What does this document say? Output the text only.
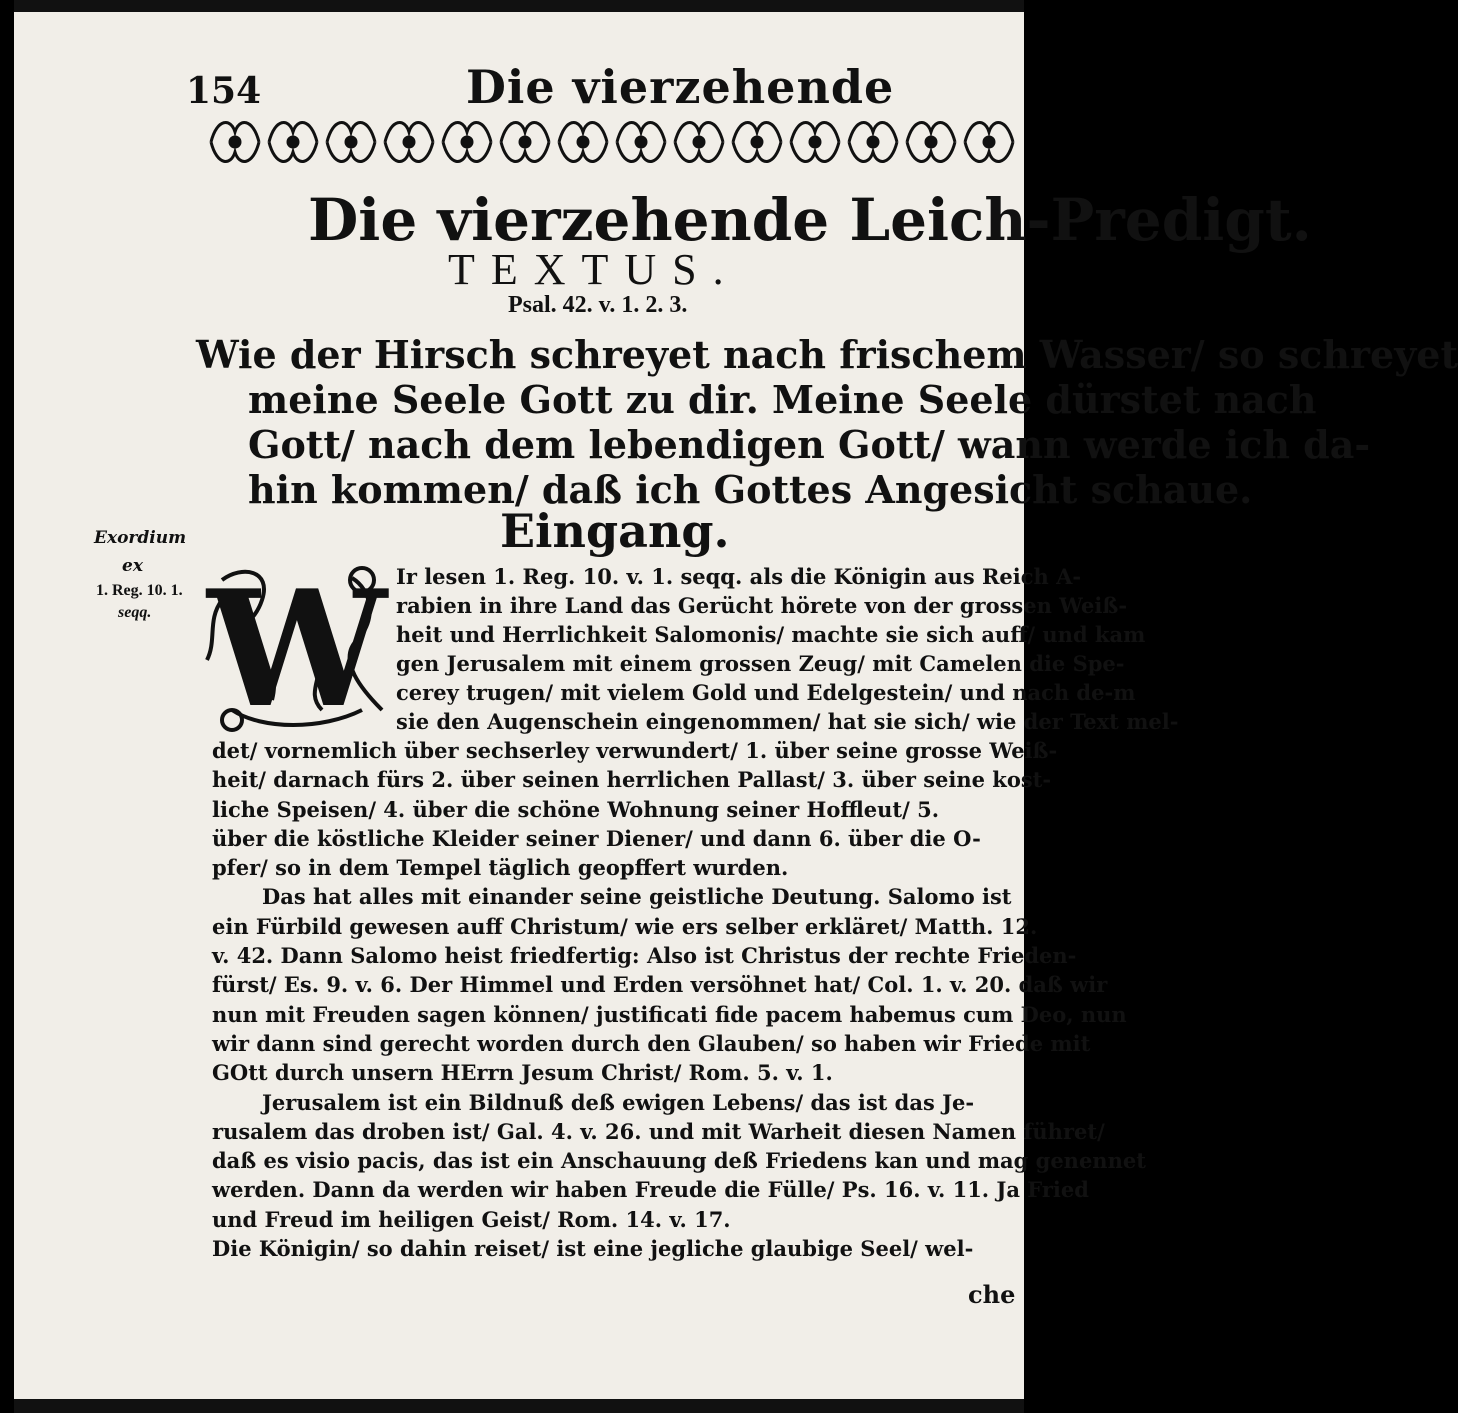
154	Die vierzehende
Die vierzehende Leich-Predigt.
TEXTUS.
Psal. 42. v. 1. 2. 3.
Wie der Hirsch schreyet nach frischem Wasser/ so schreyet
meine Seele Gott zu dir. Meine Seele dürstet nach
Gott/ nach dem lebendigen Gott/ wann werde ich da-
hin kommen/ daß ich Gottes Angesicht schaue.
Eingang.
Exordium
ex
1. Reg. 10. 1.
seqq. W Ir lesen 1. Reg. 10. v. 1. seqq. als die Königin aus Reich A-
rabien in ihre Land das Gerücht hörete von der grossen Weiß-
heit und Herrlichkeit Salomonis/ machte sie sich auff/ und kam
gen Jerusalem mit einem grossen Zeug/ mit Camelen die Spe-
cerey trugen/ mit vielem Gold und Edelgestein/ und nach de-m
sie den Augenschein eingenommen/ hat sie sich/ wie der Text mel-
det/ vornemlich über sechserley verwundert/ 1. über seine grosse Weiß-
heit/ darnach fürs 2. über seinen herrlichen Pallast/ 3. über seine kost-
liche Speisen/ 4. über die schöne Wohnung seiner Hoffleut/ 5.
über die köstliche Kleider seiner Diener/ und dann 6. über die O-
pfer/ so in dem Tempel täglich geopffert wurden.
Das hat alles mit einander seine geistliche Deutung. Salomo ist
ein Fürbild gewesen auff Christum/ wie ers selber erkläret/ Matth. 12.
v. 42. Dann Salomo heist friedfertig: Also ist Christus der rechte Frieden-
fürst/ Es. 9. v. 6. Der Himmel und Erden versöhnet hat/ Col. 1. v. 20. daß wir
nun mit Freuden sagen können/ justificati fide pacem habemus cum Deo, nun
wir dann sind gerecht worden durch den Glauben/ so haben wir Friede mit
GOtt durch unsern HErrn Jesum Christ/ Rom. 5. v. 1.
Jerusalem ist ein Bildnuß deß ewigen Lebens/ das ist das Je-
rusalem das droben ist/ Gal. 4. v. 26. und mit Warheit diesen Namen führet/
daß es visio pacis, das ist ein Anschauung deß Friedens kan und mag genennet
werden. Dann da werden wir haben Freude die Fülle/ Ps. 16. v. 11. Ja Fried
und Freud im heiligen Geist/ Rom. 14. v. 17.
Die Königin/ so dahin reiset/ ist eine jegliche glaubige Seel/ wel-
che
